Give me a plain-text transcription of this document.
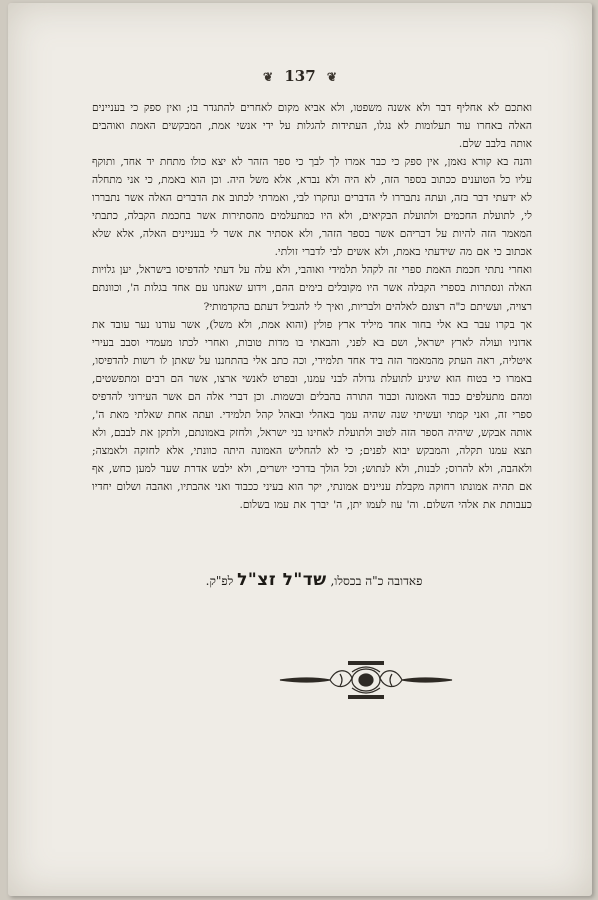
❦ 137 ❦

ואתכם לא אחליף דבר ולא אשנה משפטו, ולא אביא מקום לאחרים להתגדר בו; ואין ספק כי בעניינים האלה באחרו עוד תעלומות לא נגלו, העתידות להגלות על ידי אנשי אמת, המבקשים האמת ואוהבים אותה בלבב שלם.

והנה בא קורא נאמן, אין ספק כי כבר אמרו לך לבך כי ספר הזהר לא יצא כולו מתחת יד אחד, ותוקף עליו כל הטוענים ככתוב בספר הזה, לא היה ולא נברא, אלא משל היה. וכן הוא באמת, כי אני מתחלה לא ידעתי דבר בזה, ועתה נתבררו לי הדברים ונחקרו לבי, ואמרתי לכתוב את הדברים האלה אשר נתבררו לי, לתועלת החכמים ולתועלת הבקיאים, ולא היו כמתעלמים מהסתירות אשר בחכמת הקבלה, כתבתי המאמר הזה להיות על דבריהם אשר בספר הזהר, ולא אסתיר את אשר לי בעניינים האלה, אלא שלא אכתוב כי אם מה שידעתי באמת, ולא אשים לבי לדברי זולתי.

ואחרי נתתי חכמת האמת ספרי זה לקהל תלמידי ואוהבי, ולא עלה על דעתי להדפיסו בישראל, יען גלויות האלה ונסתרות בספרי הקבלה אשר היו מקובלים בימים ההם, וידוע שאנחנו עם אחד בגלות ה', וכוונתם רצויה, ועשיתם כ"ה רצונם לאלהים ולבריות, ואיך לי להגביל דעתם בהקדמותי?

אך בקרו עבר בא אלי בחור אחד מיליד ארץ פולין (והוא אמת, ולא משל), אשר עודנו נער עובד את אדוניו ועולה לארץ ישראל, ושם בא לפני, והבאתי בו מדות טובות, ואחרי לכתו מעמדי וסבב בעירי איטליה, ראה העתק מהמאמר הזה ביד אחד תלמידי, וכה כתב אלי בהתחננו על שאתן לו רשות להדפיסו, באמרו כי בטוח הוא שיגיע לתועלת גדולה לבני עמנו, ובפרט לאנשי ארצו, אשר הם רבים ומתפשטים, ומהם מתעלפים כבוד האמונה וכבוד התורה בהבלים ובשמות. וכן דברי אלה הם אשר העירוני להדפיס ספרי זה, ואני קמתי ועשיתי שנה שהיה עמך באהלי ובאהל קהל תלמידי. ועתה אחת שאלתי מאת ה', אותה אבקש, שיהיה הספר הזה לטוב ולתועלת לאחינו בני ישראל, ולחזק באמונתם, ולתקן את לבבם, ולא תצא עמנו תקלה, והמבקש יבוא לפנים; כי לא להחליש האמונה היתה כוונתי, אלא לחזקה ולאמצה; ולאהבה, ולא להרוס; לבנות, ולא לנתוש; וכל הולך בדרכי יושרים, ולא ילבש אדרת שער למען כחש, אף אם תהיה אמונתו רחוקה מקבלת עניינים אמונתי, יקר הוא בעיני ככבוד ואני אהבתיו, ואהבה ושלום יחדיו כעבותת את אלהי השלום. וה' עוז לעמו יתן, ה' יברך את עמו בשלום.

פאדובה כ"ה בכסלו, שד"ל זצ"ל לפ"ק.
